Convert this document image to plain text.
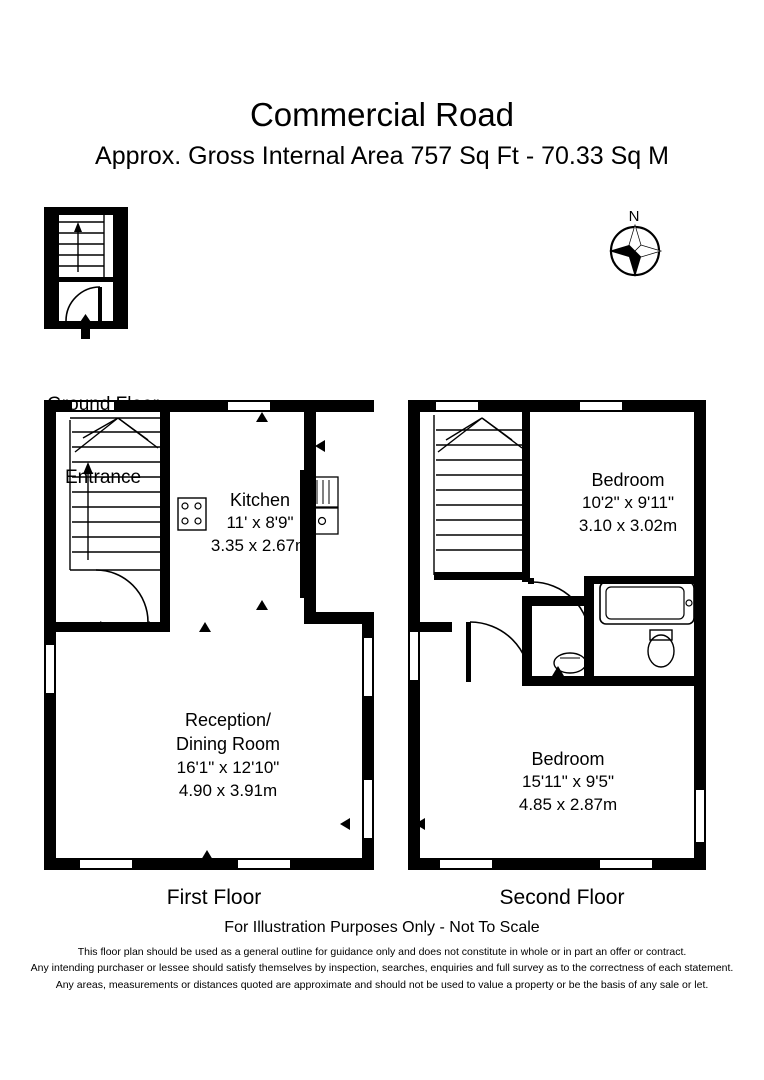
Commercial Road
Approx. Gross Internal Area 757 Sq Ft - 70.33 Sq M
N

Ground Floor

Entrance

Kitchen
11' x 8'9"
3.35 x 2.67m
Reception/
Dining Room
16'1" x 12'10"
4.90 x 3.91m
Bedroom
10'2" x 9'11"
3.10 x 3.02m
Bedroom
15'11" x 9'5"
4.85 x 2.87m
First Floor	Second Floor
For Illustration Purposes Only - Not To Scale
This floor plan should be used as a general outline for guidance only and does not constitute in whole or in part an offer or contract.
Any intending purchaser or lessee should satisfy themselves by inspection, searches, enquiries and full survey as to the correctness of each statement.
Any areas, measurements or distances quoted are approximate and should not be used to value a property or be the basis of any sale or let.
